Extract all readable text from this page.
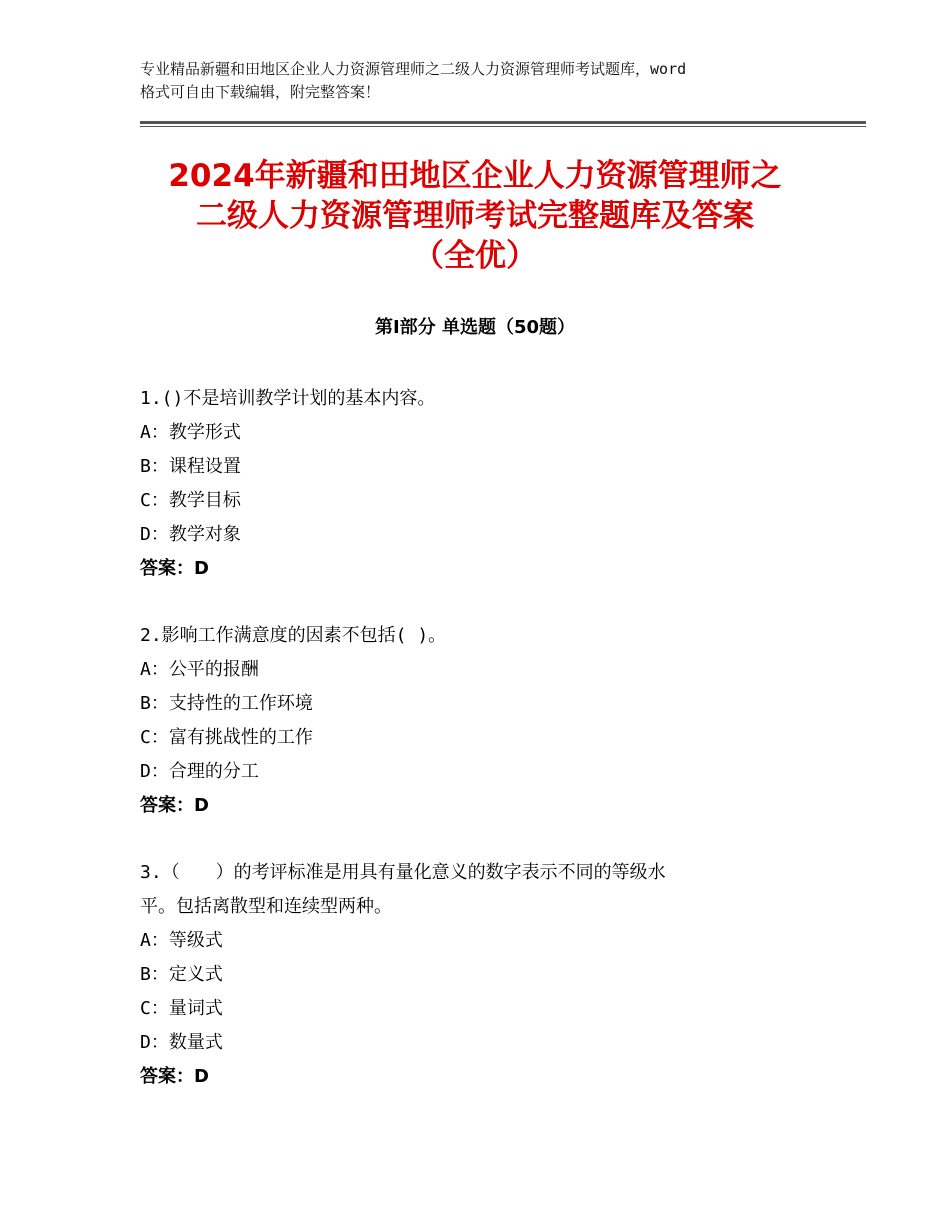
专业精品新疆和田地区企业人力资源管理师之二级人力资源管理师考试题库，word
格式可自由下载编辑，附完整答案！
2024年新疆和田地区企业人力资源管理师之
二级人力资源管理师考试完整题库及答案
（全优）
第Ⅰ部分 单选题（50题）
1.()不是培训教学计划的基本内容。
A：教学形式
B：课程设置
C：教学目标
D：教学对象
答案：D
2.影响工作满意度的因素不包括( )。
A：公平的报酬
B：支持性的工作环境
C：富有挑战性的工作
D：合理的分工
答案：D
3.（　　）的考评标准是用具有量化意义的数字表示不同的等级水
平。包括离散型和连续型两种。
A：等级式
B：定义式
C：量词式
D：数量式
答案：D
